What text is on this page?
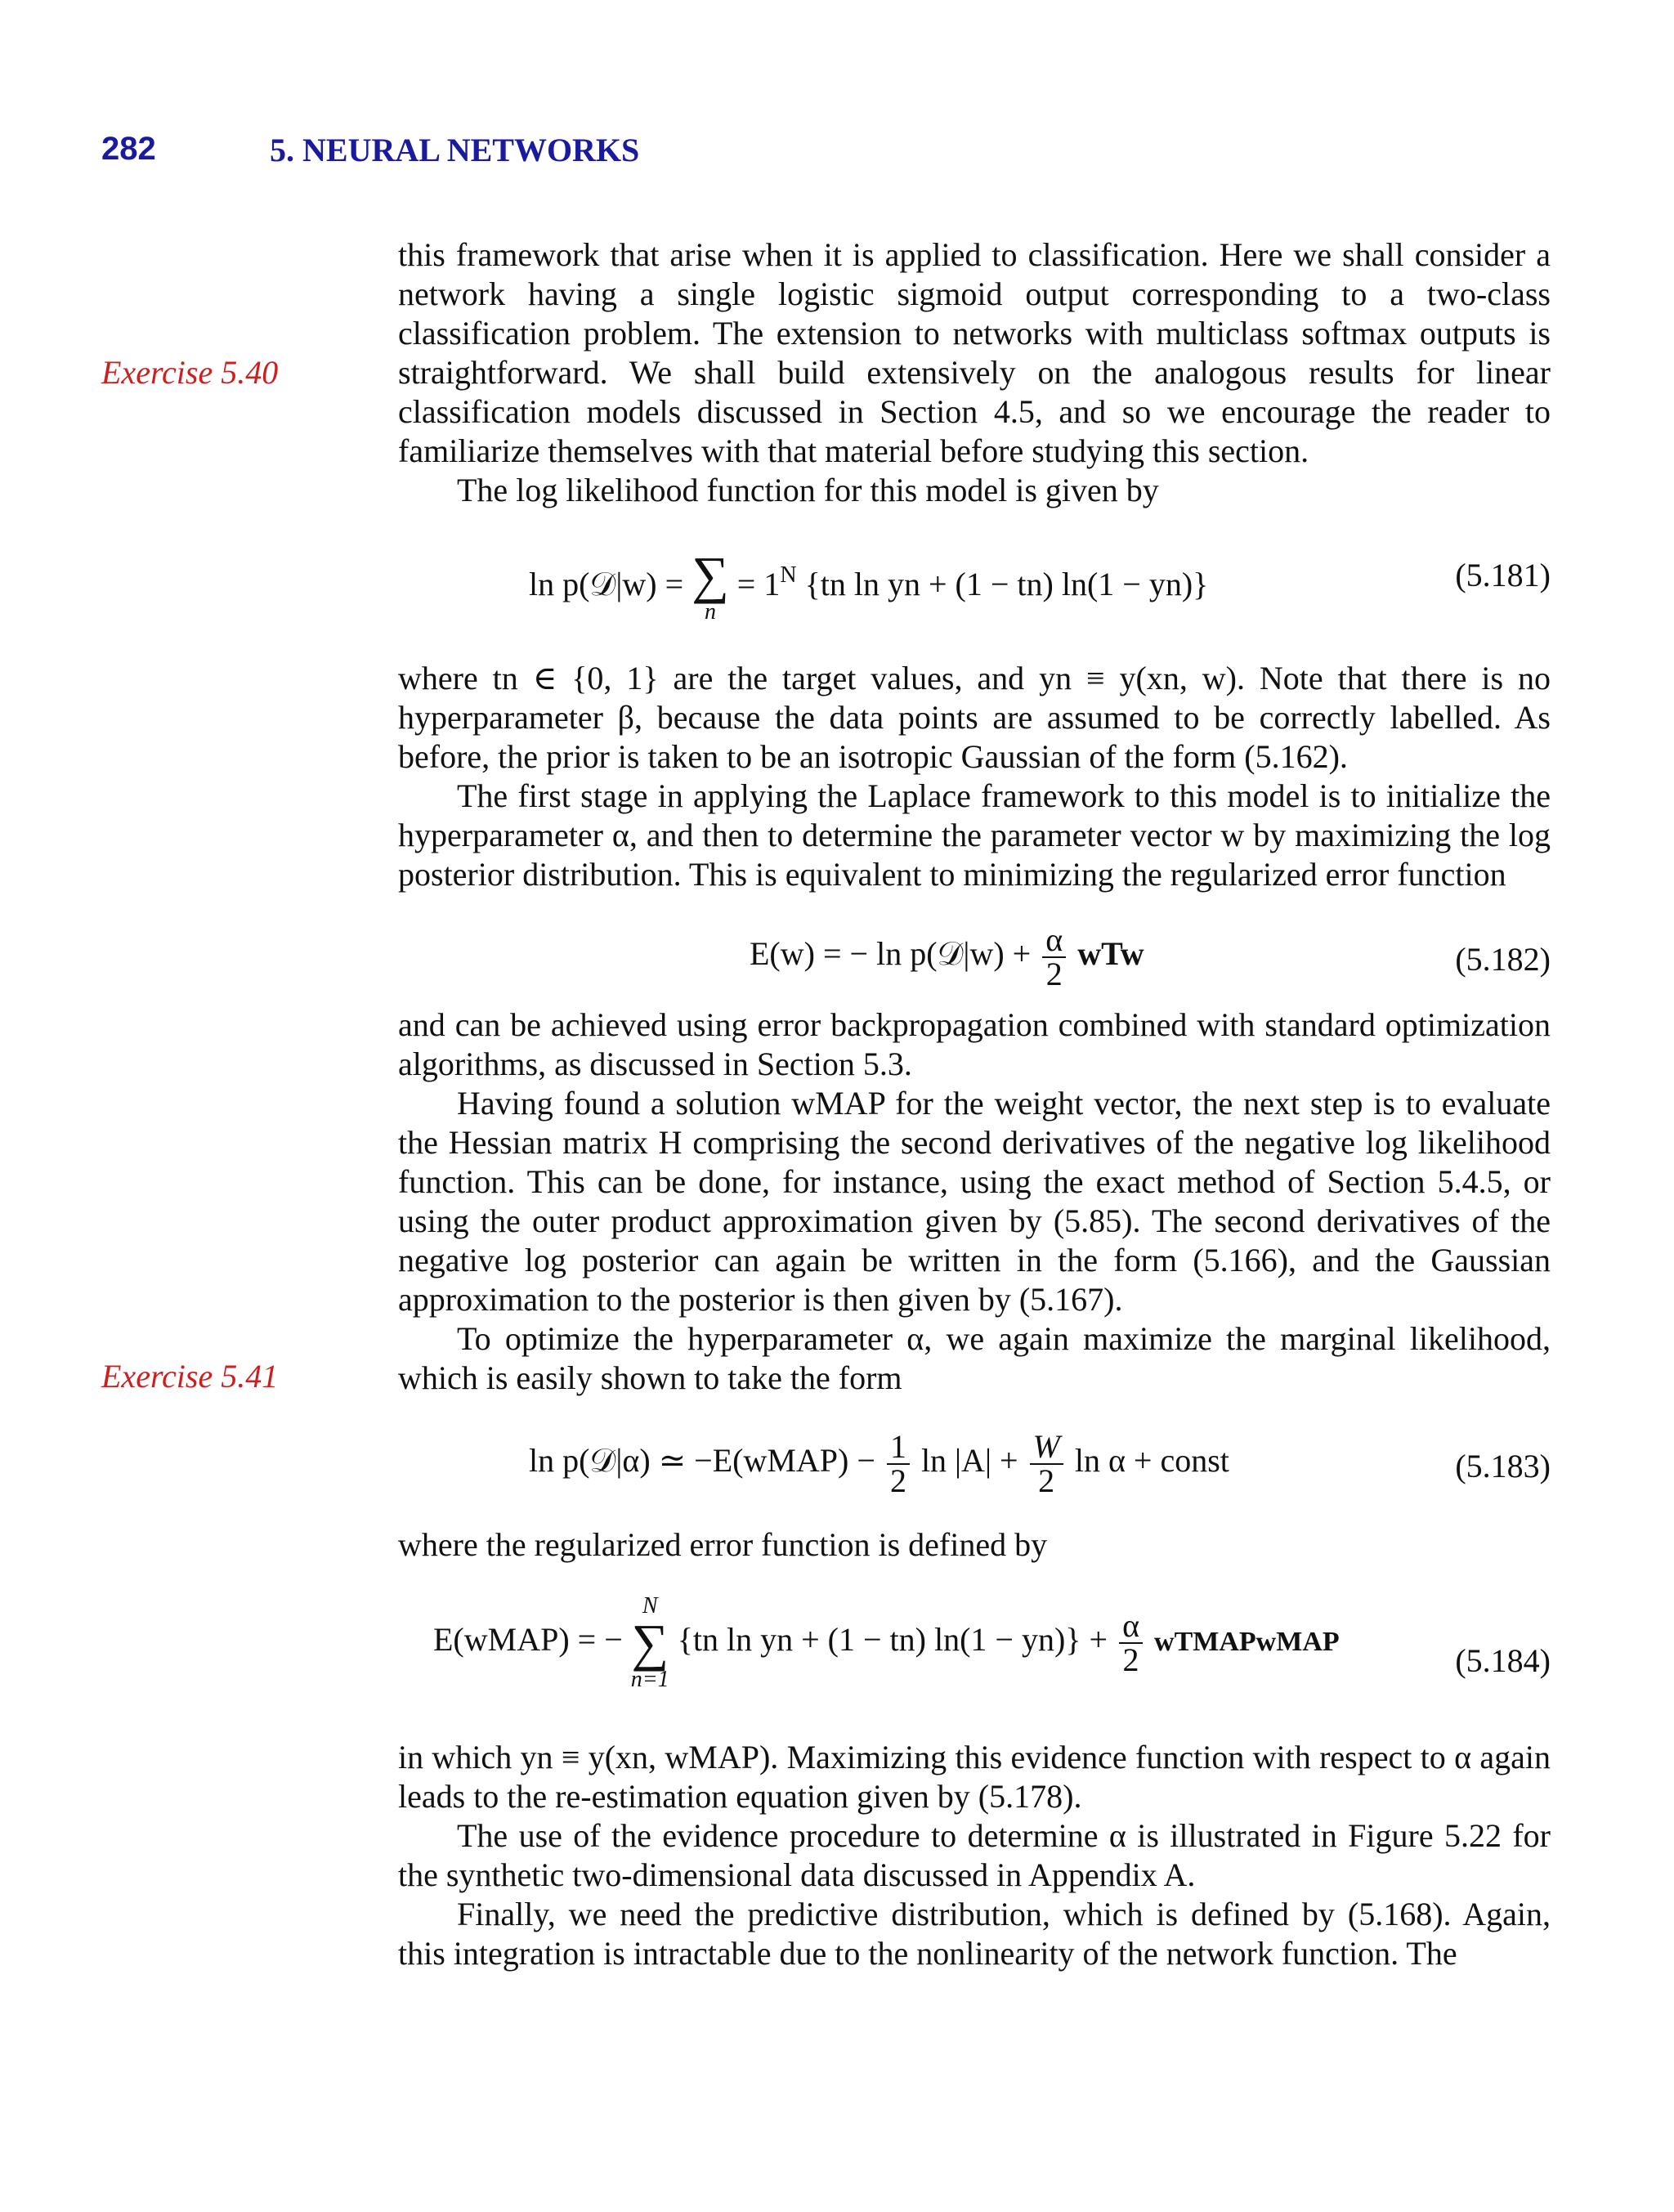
282	5. NEURAL NETWORKS
Exercise 5.40
Exercise 5.41
this framework that arise when it is applied to classification. Here we shall consider a network having a single logistic sigmoid output corresponding to a two-class classification problem. The extension to networks with multiclass softmax outputs is straightforward. We shall build extensively on the analogous results for linear classification models discussed in Section 4.5, and so we encourage the reader to familiarize themselves with that material before studying this section.
The log likelihood function for this model is given by
ln p(𝒟|w) = ∑
n
= $1^N$ {tn ln yn + (1 − tn) ln(1 − yn)}	(5.181)
where tn ∈ {0, 1} are the target values, and yn ≡ y(xn, w). Note that there is no hyperparameter β, because the data points are assumed to be correctly labelled. As before, the prior is taken to be an isotropic Gaussian of the form (5.162).
The first stage in applying the Laplace framework to this model is to initialize the hyperparameter α, and then to determine the parameter vector w by maximizing the log posterior distribution. This is equivalent to minimizing the regularized error function
E(w) = − ln p(𝒟|w) + $\frac{\alpha}{2}$ wTw	(5.182)
and can be achieved using error backpropagation combined with standard optimization algorithms, as discussed in Section 5.3.
Having found a solution wMAP for the weight vector, the next step is to evaluate the Hessian matrix H comprising the second derivatives of the negative log likelihood function. This can be done, for instance, using the exact method of Section 5.4.5, or using the outer product approximation given by (5.85). The second derivatives of the negative log posterior can again be written in the form (5.166), and the Gaussian approximation to the posterior is then given by (5.167).
To optimize the hyperparameter α, we again maximize the marginal likelihood, which is easily shown to take the form
ln p(𝒟|α) ≃ −E(wMAP) − $\frac{1}{2}$ $\ln |A| + \frac{W}{2}$ ln α + const	(5.183)
where the regularized error function is defined by
E(wMAP) = −
N
∑
n=1
{tn ln yn + (1 − tn) $\ln(1 - yn)\} + \frac{\alpha}{2}$ wTMAPwMAP
(5.184)
in which yn ≡ y(xn, wMAP). Maximizing this evidence function with respect to α again leads to the re-estimation equation given by (5.178).
The use of the evidence procedure to determine α is illustrated in Figure 5.22 for the synthetic two-dimensional data discussed in Appendix A.
Finally, we need the predictive distribution, which is defined by (5.168). Again, this integration is intractable due to the nonlinearity of the network function. The
